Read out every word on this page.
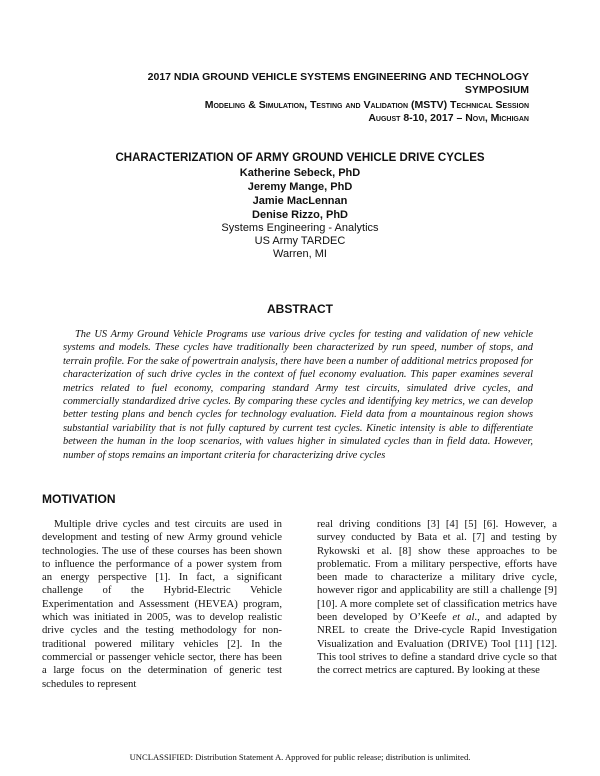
2017 NDIA GROUND VEHICLE SYSTEMS ENGINEERING AND TECHNOLOGY
SYMPOSIUM
Modeling & Simulation, Testing and Validation (MSTV) Technical Session
August 8-10, 2017 – Novi, Michigan
CHARACTERIZATION OF ARMY GROUND VEHICLE DRIVE CYCLES
Katherine Sebeck, PhD
Jeremy Mange, PhD
Jamie MacLennan
Denise Rizzo, PhD
Systems Engineering - Analytics
US Army TARDEC
Warren, MI
ABSTRACT

The US Army Ground Vehicle Programs use various drive cycles for testing and validation of new vehicle systems and models. These cycles have traditionally been characterized by run speed, number of stops, and terrain profile. For the sake of powertrain analysis, there have been a number of additional metrics proposed for characterization of such drive cycles in the context of fuel economy evaluation. This paper examines several metrics related to fuel economy, comparing standard Army test circuits, simulated drive cycles, and commercially standardized drive cycles. By comparing these cycles and identifying key metrics, we can develop better testing plans and bench cycles for technology evaluation. Field data from a mountainous region shows substantial variability that is not fully captured by current test cycles. Kinetic intensity is able to differentiate between the human in the loop scenarios, with values higher in simulated cycles than in field data. However, number of stops remains an important criteria for characterizing drive cycles

MOTIVATION

Multiple drive cycles and test circuits are used in development and testing of new Army ground vehicle technologies. The use of these courses has been shown to influence the performance of a power system from an energy perspective [1]. In fact, a significant challenge of the Hybrid-Electric Vehicle Experimentation and Assessment (HEVEA) program, which was initiated in 2005, was to develop realistic drive cycles and the testing methodology for non-traditional powered military vehicles [2]. In the commercial or passenger vehicle sector, there has been a large focus on the determination of generic test schedules to represent

real driving conditions [3] [4] [5] [6]. However, a survey conducted by Bata et al. [7] and testing by Rykowski et al. [8] show these approaches to be problematic. From a military perspective, efforts have been made to characterize a military drive cycle, however rigor and applicability are still a challenge [9] [10]. A more complete set of classification metrics have been developed by O’Keefe et al., and adapted by NREL to create the Drive-cycle Rapid Investigation Visualization and Evaluation (DRIVE) Tool [11] [12]. This tool strives to define a standard drive cycle so that the correct metrics are captured. By looking at these

UNCLASSIFIED: Distribution Statement A. Approved for public release; distribution is unlimited.
